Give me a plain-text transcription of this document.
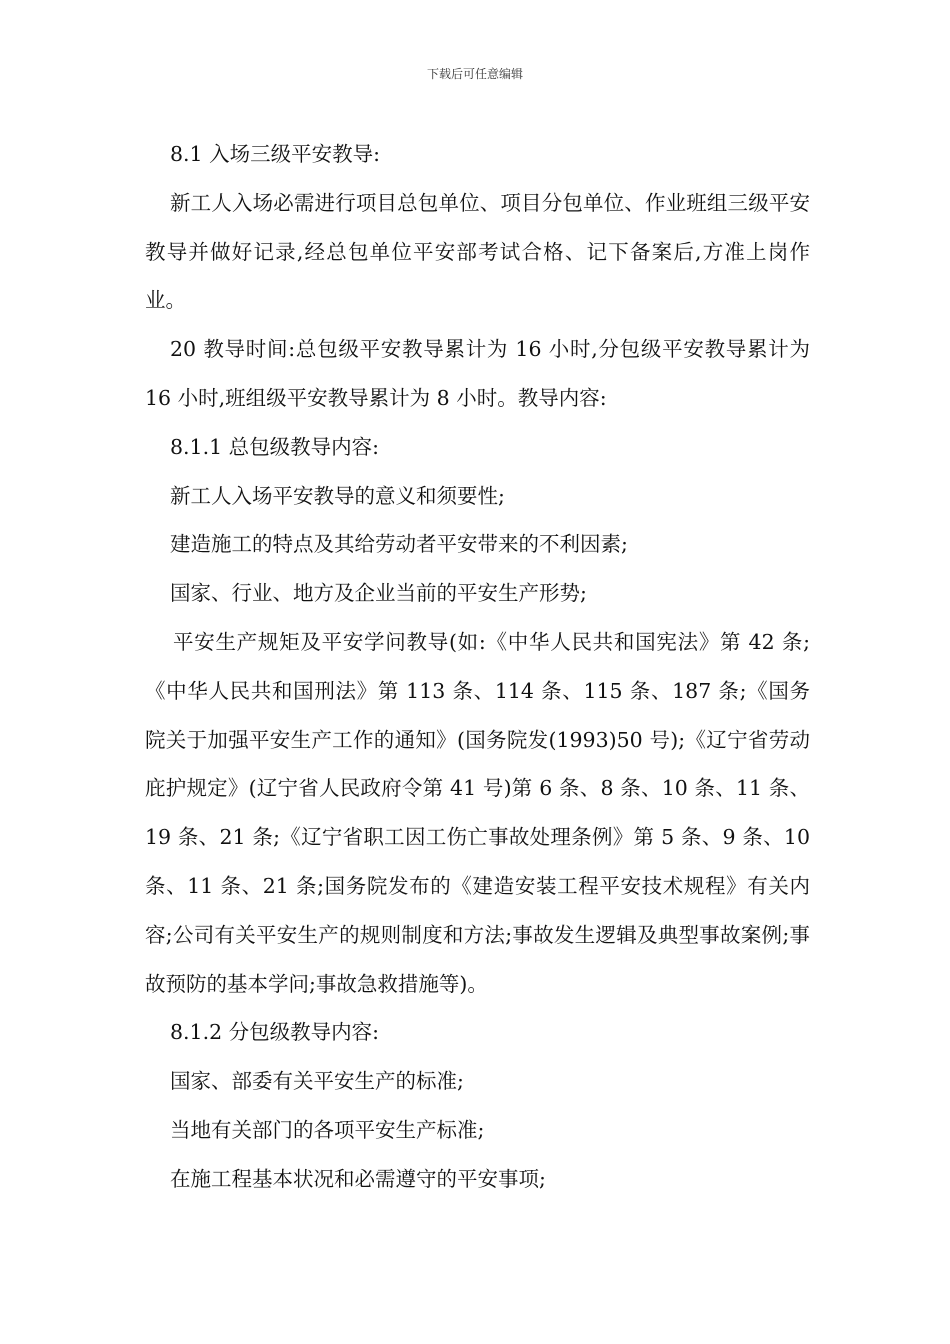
下载后可任意编辑

8.1 入场三级平安教导:

新工人入场必需进行项目总包单位、项目分包单位、作业班组三级平安教导并做好记录,经总包单位平安部考试合格、记下备案后,方准上岗作业。

20 教导时间:总包级平安教导累计为 16 小时,分包级平安教导累计为 16 小时,班组级平安教导累计为 8 小时。教导内容:

8.1.1 总包级教导内容:

新工人入场平安教导的意义和须要性;

建造施工的特点及其给劳动者平安带来的不利因素;

国家、行业、地方及企业当前的平安生产形势;

平安生产规矩及平安学问教导(如:《中华人民共和国宪法》第 42 条;《中华人民共和国刑法》第 113 条、114 条、115 条、187 条;《国务院关于加强平安生产工作的通知》(国务院发(1993)50 号);《辽宁省劳动庇护规定》(辽宁省人民政府令第 41 号)第 6 条、8 条、10 条、11 条、19 条、21 条;《辽宁省职工因工伤亡事故处理条例》第 5 条、9 条、10 条、11 条、21 条;国务院发布的《建造安装工程平安技术规程》有关内容;公司有关平安生产的规则制度和方法;事故发生逻辑及典型事故案例;事故预防的基本学问;事故急救措施等)。

8.1.2 分包级教导内容:

国家、部委有关平安生产的标准;

当地有关部门的各项平安生产标准;

在施工程基本状况和必需遵守的平安事项;
